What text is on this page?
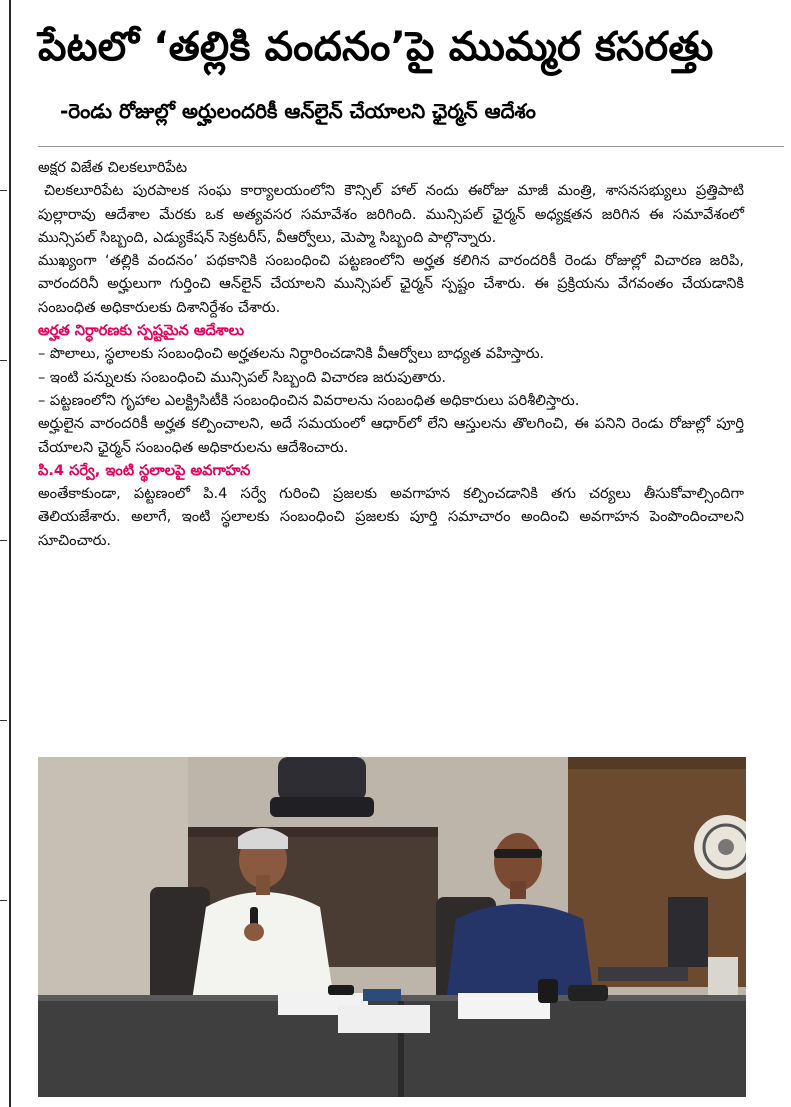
పేటలో ‘తల్లికి వందనం’పై ముమ్మర కసరత్తు
-రెండు రోజుల్లో అర్హులందరికీ ఆన్‌లైన్ చేయాలని ఛైర్మన్ ఆదేశం

అక్షర విజేత చిలకలూరిపేట

చిలకలూరిపేట పురపాలక సంఘ కార్యాలయంలోని కౌన్సిల్ హాల్ నందు ఈరోజు మాజీ మంత్రి, శాసనసభ్యులు ప్రత్తిపాటి పుల్లారావు ఆదేశాల మేరకు ఒక అత్యవసర సమావేశం జరిగింది. మున్సిపల్ ఛైర్మన్ అధ్యక్షతన జరిగిన ఈ సమావేశంలో మున్సిపల్ సిబ్బంది, ఎడ్యుకేషన్ సెక్రటరీస్, వీఆర్వోలు, మెప్మా సిబ్బంది పాల్గొన్నారు.

ముఖ్యంగా ‘తల్లికి వందనం’ పథకానికి సంబంధించి పట్టణంలోని అర్హత కలిగిన వారందరికీ రెండు రోజుల్లో విచారణ జరిపి, వారందరినీ అర్హులుగా గుర్తించి ఆన్‌లైన్ చేయాలని మున్సిపల్ ఛైర్మన్ స్పష్టం చేశారు. ఈ ప్రక్రియను వేగవంతం చేయడానికి సంబంధిత అధికారులకు దిశానిర్దేశం చేశారు.

అర్హత నిర్ధారణకు స్పష్టమైన ఆదేశాలు

– పొలాలు, స్థలాలకు సంబంధించి అర్హతలను నిర్ధారించడానికి వీఆర్వోలు బాధ్యత వహిస్తారు.
– ఇంటి పన్నులకు సంబంధించి మున్సిపల్ సిబ్బంది విచారణ జరుపుతారు.
– పట్టణంలోని గృహాల ఎలక్ట్రిసిటీకి సంబంధించిన వివరాలను సంబంధిత అధికారులు పరిశీలిస్తారు.

అర్హులైన వారందరికీ అర్హత కల్పించాలని, అదే సమయంలో ఆధార్‌లో లేని ఆస్తులను తొలగించి, ఈ పనిని రెండు రోజుల్లో పూర్తి చేయాలని ఛైర్మన్ సంబంధిత అధికారులను ఆదేశించారు.

పి.4 సర్వే, ఇంటి స్థలాలపై అవగాహన

అంతేకాకుండా, పట్టణంలో పి.4 సర్వే గురించి ప్రజలకు అవగాహన కల్పించడానికి తగు చర్యలు తీసుకోవాల్సిందిగా తెలియజేశారు. అలాగే, ఇంటి స్థలాలకు సంబంధించి ప్రజలకు పూర్తి సమాచారం అందించి అవగాహన పెంపొందించాలని సూచించారు.
